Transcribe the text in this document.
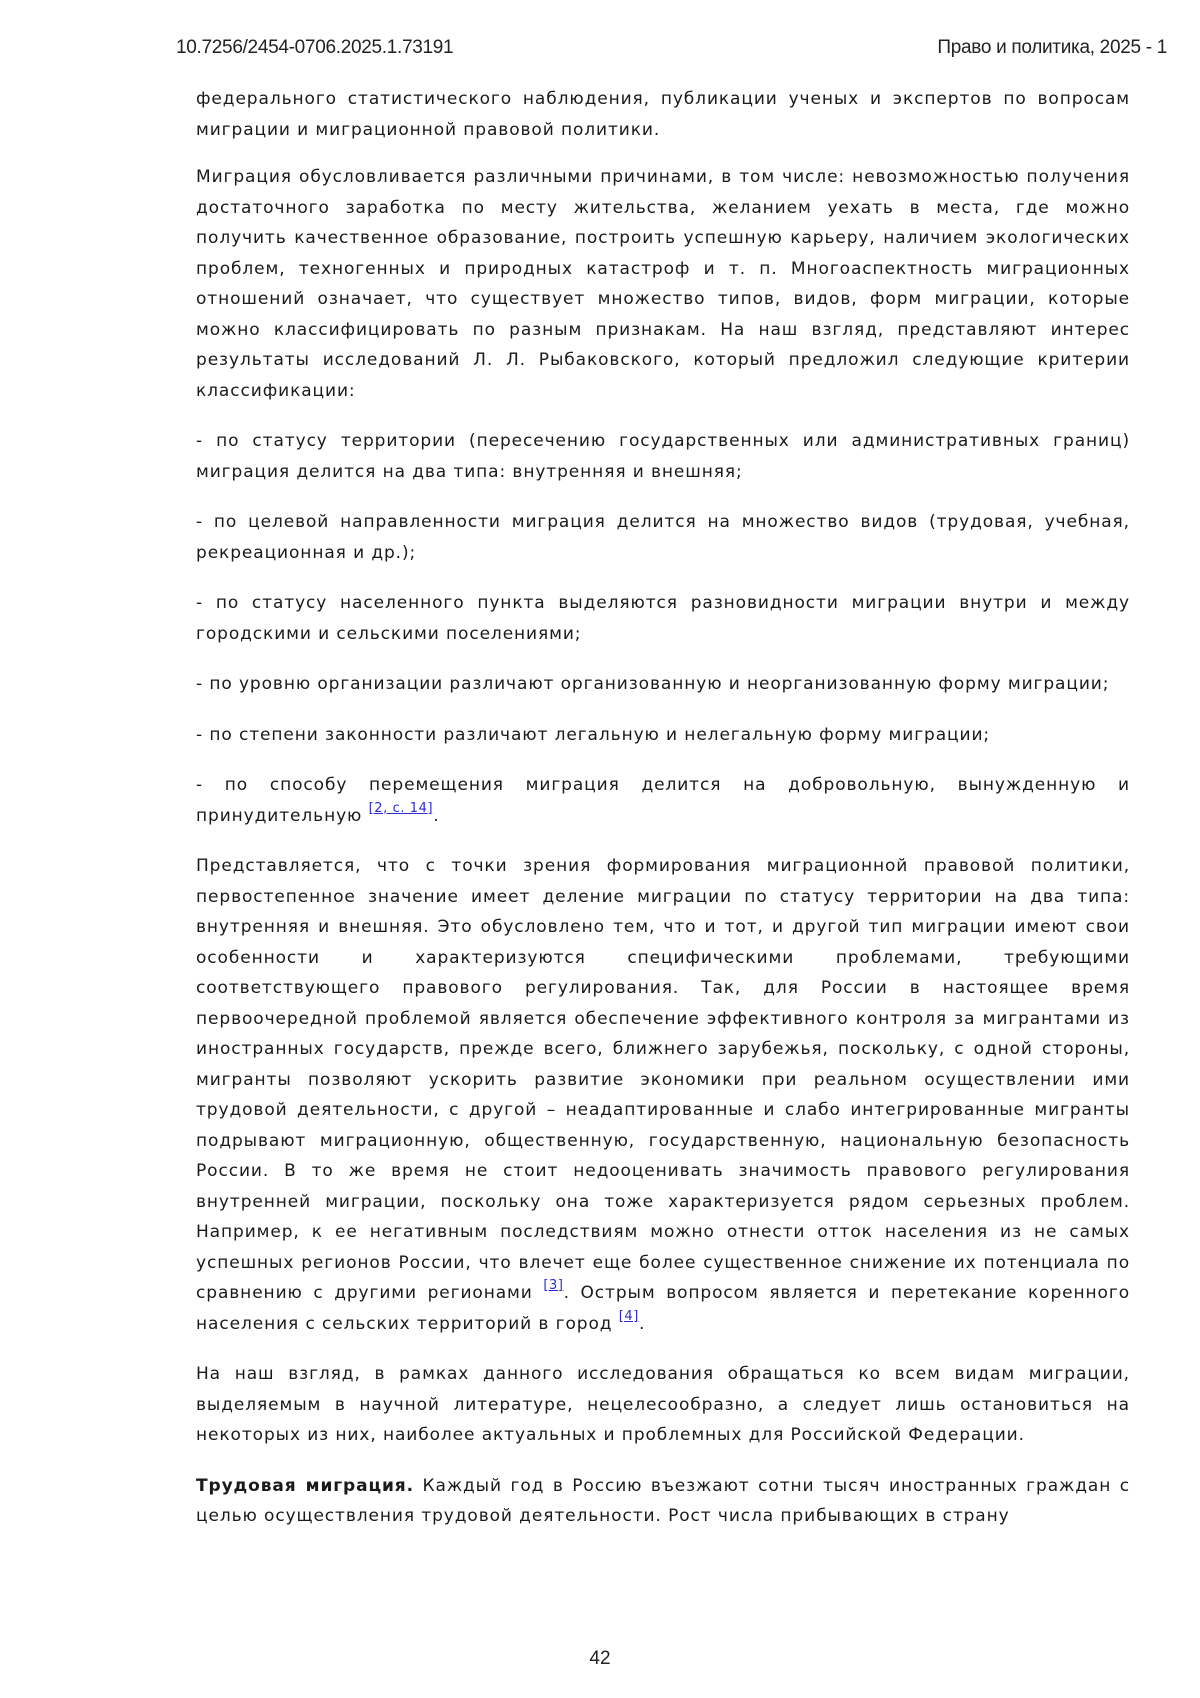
10.7256/2454-0706.2025.1.73191	Право и политика, 2025 - 1

федерального статистического наблюдения, публикации ученых и экспертов по вопросам миграции и миграционной правовой политики.

Миграция обусловливается различными причинами, в том числе: невозможностью получения достаточного заработка по месту жительства, желанием уехать в места, где можно получить качественное образование, построить успешную карьеру, наличием экологических проблем, техногенных и природных катастроф и т. п. Многоаспектность миграционных отношений означает, что существует множество типов, видов, форм миграции, которые можно классифицировать по разным признакам. На наш взгляд, представляют интерес результаты исследований Л. Л. Рыбаковского, который предложил следующие критерии классификации:

- по статусу территории (пересечению государственных или административных границ) миграция делится на два типа: внутренняя и внешняя;

- по целевой направленности миграция делится на множество видов (трудовая, учебная, рекреационная и др.);

- по статусу населенного пункта выделяются разновидности миграции внутри и между городскими и сельскими поселениями;

- по уровню организации различают организованную и неорганизованную форму миграции;

- по степени законности различают легальную и нелегальную форму миграции;

- по способу перемещения миграция делится на добровольную, вынужденную и принудительную [2, с. 14].

Представляется, что с точки зрения формирования миграционной правовой политики, первостепенное значение имеет деление миграции по статусу территории на два типа: внутренняя и внешняя. Это обусловлено тем, что и тот, и другой тип миграции имеют свои особенности и характеризуются специфическими проблемами, требующими соответствующего правового регулирования. Так, для России в настоящее время первоочередной проблемой является обеспечение эффективного контроля за мигрантами из иностранных государств, прежде всего, ближнего зарубежья, поскольку, с одной стороны, мигранты позволяют ускорить развитие экономики при реальном осуществлении ими трудовой деятельности, с другой – неадаптированные и слабо интегрированные мигранты подрывают миграционную, общественную, государственную, национальную безопасность России. В то же время не стоит недооценивать значимость правового регулирования внутренней миграции, поскольку она тоже характеризуется рядом серьезных проблем. Например, к ее негативным последствиям можно отнести отток населения из не самых успешных регионов России, что влечет еще более существенное снижение их потенциала по сравнению с другими регионами [3]. Острым вопросом является и перетекание коренного населения с сельских территорий в город [4].

На наш взгляд, в рамках данного исследования обращаться ко всем видам миграции, выделяемым в научной литературе, нецелесообразно, а следует лишь остановиться на некоторых из них, наиболее актуальных и проблемных для Российской Федерации.

Трудовая миграция. Каждый год в Россию въезжают сотни тысяч иностранных граждан с целью осуществления трудовой деятельности. Рост числа прибывающих в страну

42
